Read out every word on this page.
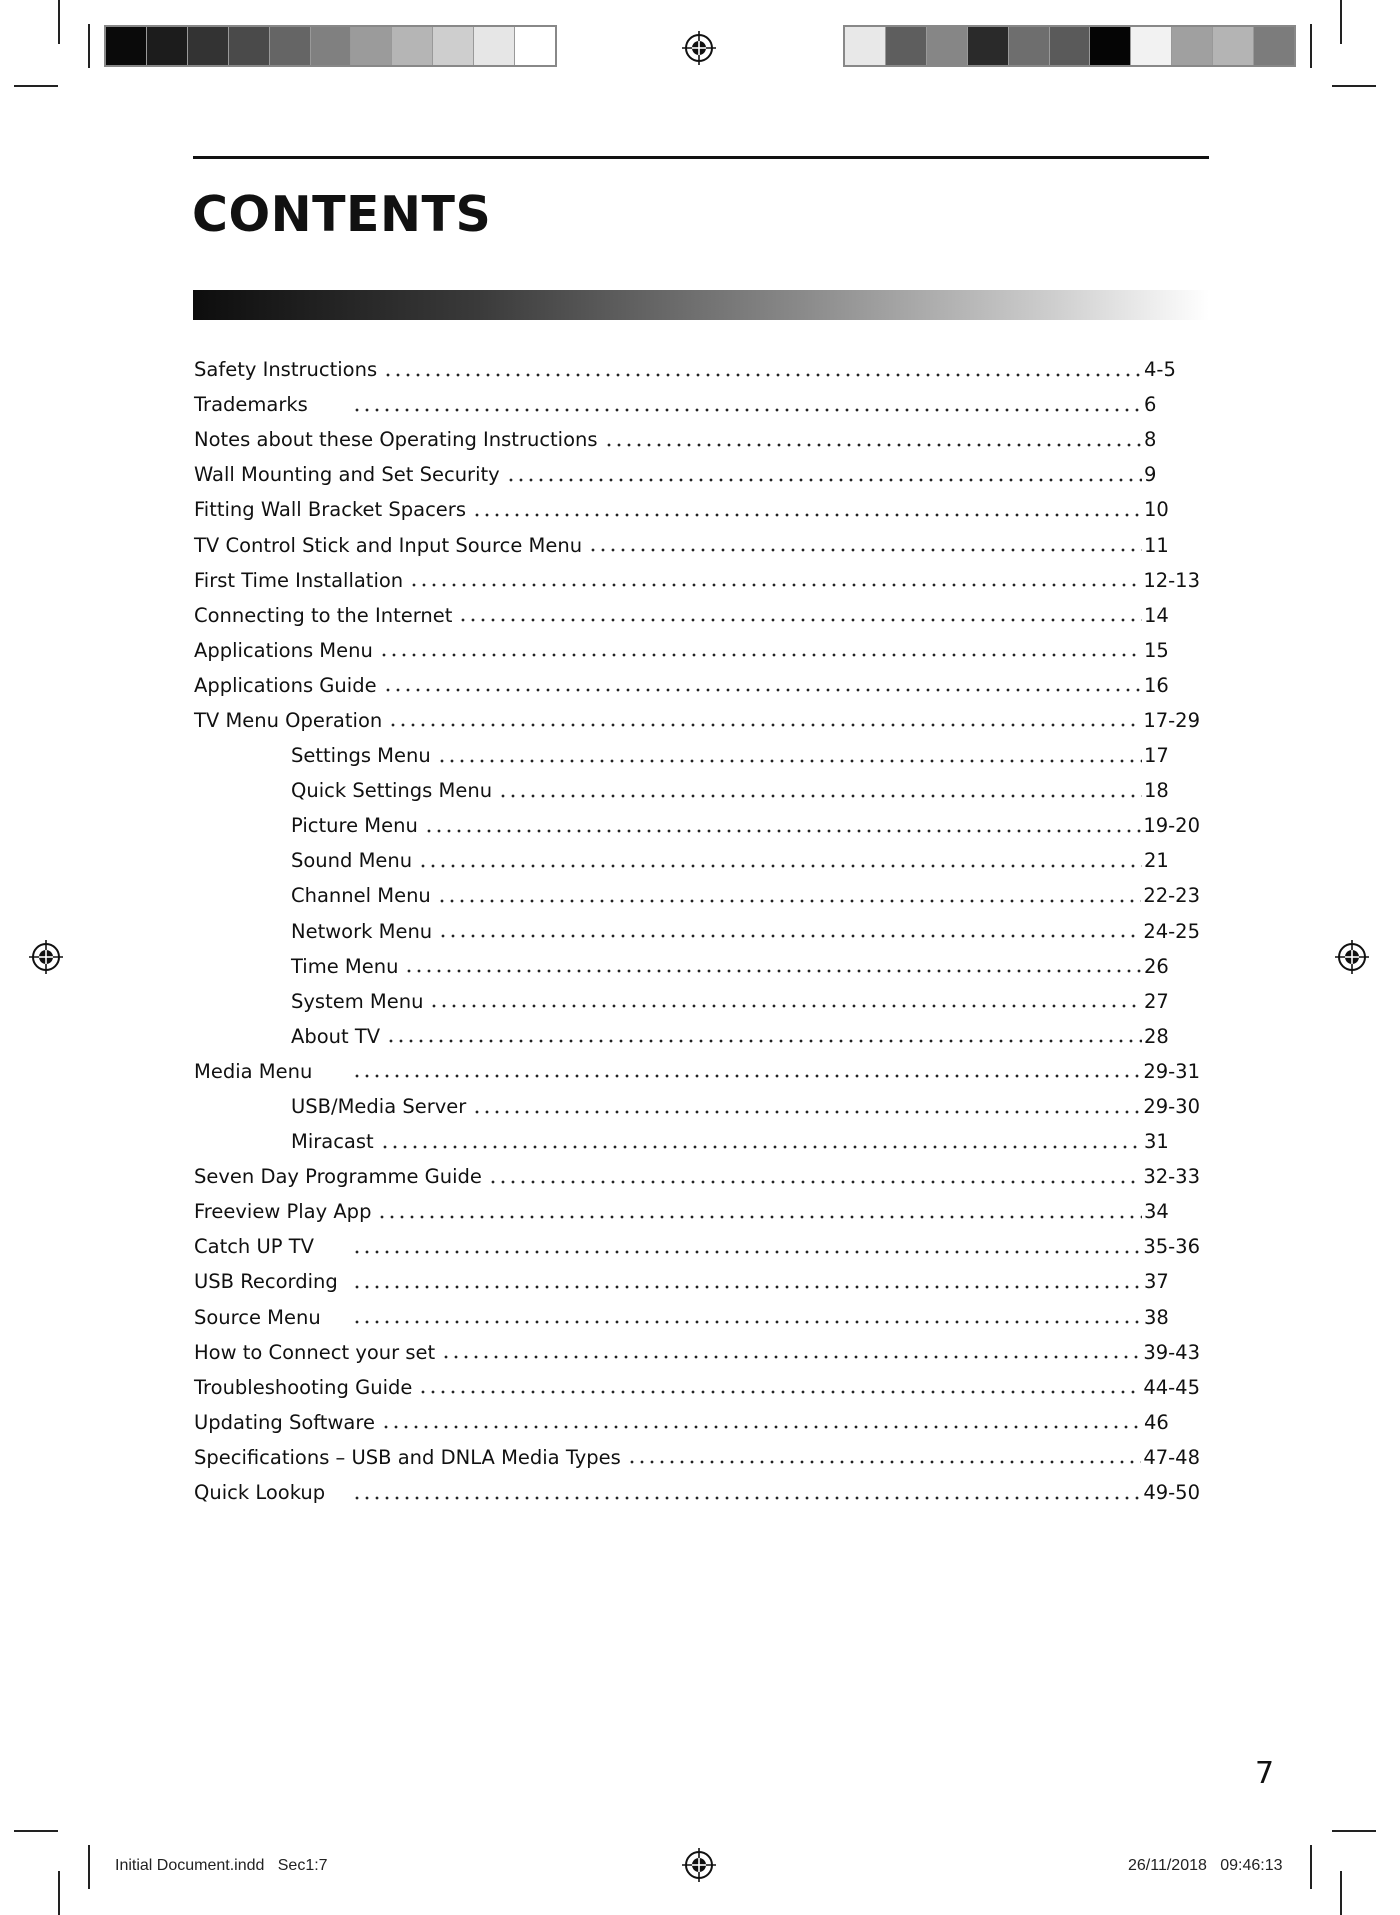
CONTENTS
Safety Instructions	4-5
Trademarks	6
Notes about these Operating Instructions	8
Wall Mounting and Set Security	9
Fitting Wall Bracket Spacers	10
TV Control Stick and Input Source Menu	11
First Time Installation	12-13
Connecting to the Internet	14
Applications Menu	15
Applications Guide	16
TV Menu Operation	17-29
Settings Menu	17
Quick Settings Menu	18
Picture Menu	19-20
Sound Menu	21
Channel Menu	22-23
Network Menu	24-25
Time Menu	26
System Menu	27
About TV	28
Media Menu	29-31
USB/Media Server	29-30
Miracast	31
Seven Day Programme Guide	32-33
Freeview Play App	34
Catch UP TV	35-36
USB Recording	37
Source Menu	38
How to Connect your set	39-43
Troubleshooting Guide	44-45
Updating Software	46
Specifications – USB and DNLA Media Types	47-48
Quick Lookup	49-50
7
Initial Document.indd   Sec1:7	26/11/2018   09:46:13
